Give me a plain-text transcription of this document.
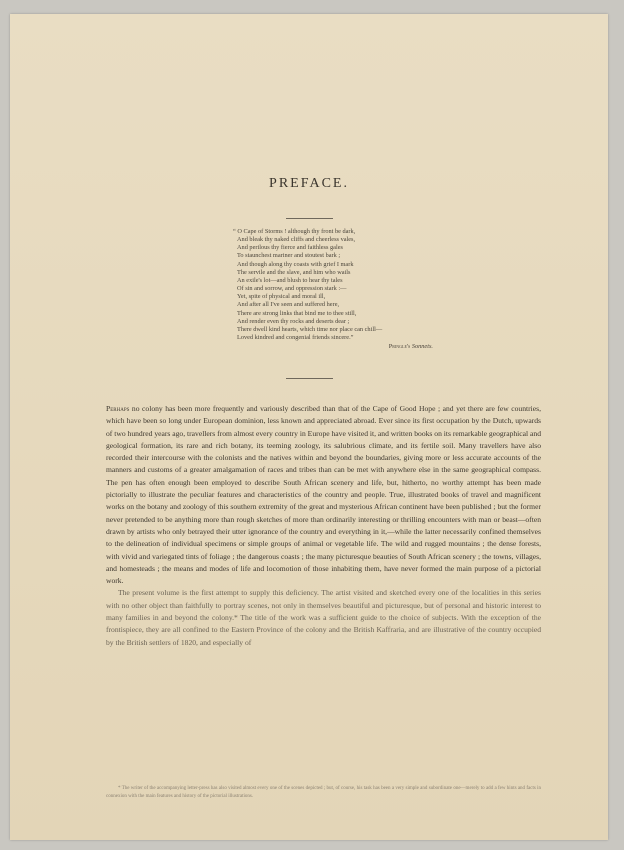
PREFACE.
“ O Cape of Storms ! although thy front be dark,
And bleak thy naked cliffs and cheerless vales,
And perilous thy fierce and faithless gales
To staunchest mariner and stoutest bark ;
And though along thy coasts with grief I mark
The servile and the slave, and him who wails
An exile's lot—and blush to hear thy tales
Of sin and sorrow, and oppression stark :—
Yet, spite of physical and moral ill,
And after all I've seen and suffered here,
There are strong links that bind me to thee still,
And render even thy rocks and deserts dear ;
There dwell kind hearts, which time nor place can chill—
Loved kindred and congenial friends sincere.”
Pringle's Sonnets.

Perhaps no colony has been more frequently and variously described than that of the Cape of Good Hope ; and yet there are few countries, which have been so long under European dominion, less known and appreciated abroad. Ever since its first occupation by the Dutch, upwards of two hundred years ago, travellers from almost every country in Europe have visited it, and written books on its remarkable geographical and geological formation, its rare and rich botany, its teeming zoology, its salubrious climate, and its fertile soil. Many travellers have also recorded their intercourse with the colonists and the natives within and beyond the boundaries, giving more or less accurate accounts of the manners and customs of a greater amalgamation of races and tribes than can be met with anywhere else in the same geographical compass. The pen has often enough been employed to describe South African scenery and life, but, hitherto, no worthy attempt has been made pictorially to illustrate the peculiar features and characteristics of the country and people. True, illustrated books of travel and magnificent works on the botany and zoology of this southern extremity of the great and mysterious African continent have been published ; but the former never pretended to be anything more than rough sketches of more than ordinarily interesting or thrilling encounters with man or beast—often drawn by artists who only betrayed their utter ignorance of the country and everything in it,—while the latter necessarily confined themselves to the delineation of individual specimens or simple groups of animal or vegetable life. The wild and rugged mountains ; the dense forests, with vivid and variegated tints of foliage ; the dangerous coasts ; the many picturesque beauties of South African scenery ; the towns, villages, and homesteads ; the means and modes of life and locomotion of those inhabiting them, have never formed the main purpose of a pictorial work.

The present volume is the first attempt to supply this deficiency. The artist visited and sketched every one of the localities in this series with no other object than faithfully to portray scenes, not only in themselves beautiful and picturesque, but of personal and historic interest to many families in and beyond the colony.* The title of the work was a sufficient guide to the choice of subjects. With the exception of the frontispiece, they are all confined to the Eastern Province of the colony and the British Kaffraria, and are illustrative of the country occupied by the British settlers of 1820, and especially of

* The writer of the accompanying letter-press has also visited almost every one of the scenes depicted ; but, of course, his task has been a very simple and subordinate one—merely to add a few hints and facts in connexion with the main features and history of the pictorial illustrations.
